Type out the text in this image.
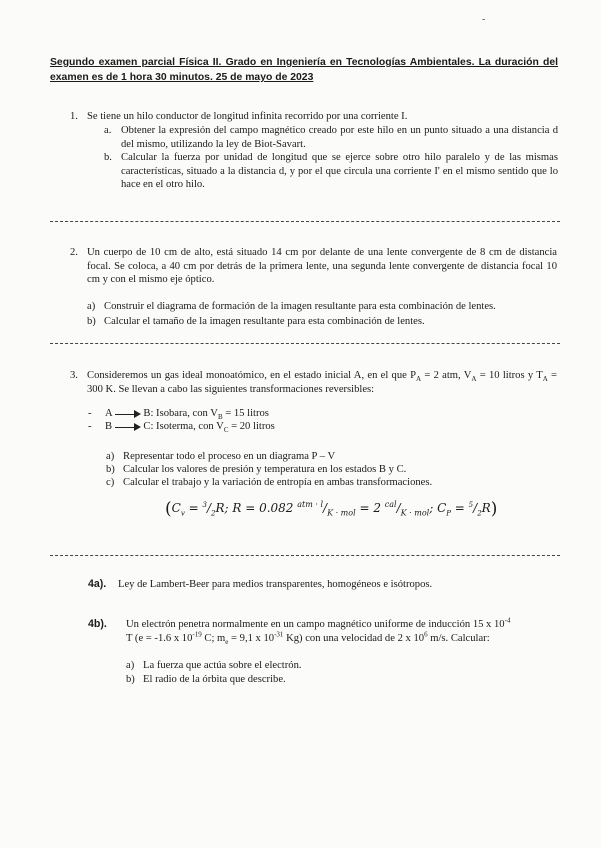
-
Segundo examen parcial Física II. Grado en Ingeniería en Tecnologías Ambientales. La duración del examen es de 1 hora 30 minutos. 25 de mayo de 2023
1. Se tiene un hilo conductor de longitud infinita recorrido por una corriente I.
a. Obtener la expresión del campo magnético creado por este hilo en un punto situado a una distancia d del mismo, utilizando la ley de Biot-Savart.
b. Calcular la fuerza por unidad de longitud que se ejerce sobre otro hilo paralelo y de las mismas características, situado a la distancia d, y por el que circula una corriente I' en el mismo sentido que lo hace en el otro hilo.
2. Un cuerpo de 10 cm de alto, está situado 14 cm por delante de una lente convergente de 8 cm de distancia focal. Se coloca, a 40 cm por detrás de la primera lente, una segunda lente convergente de distancia focal 10 cm y con el mismo eje óptico.
a) Construir el diagrama de formación de la imagen resultante para esta combinación de lentes.
b) Calcular el tamaño de la imagen resultante para esta combinación de lentes.
3. Consideremos un gas ideal monoatómico, en el estado inicial A, en el que $P_A = 2$ atm, $V_A = 10$ litros y $T_A = 300$ K. Se llevan a cabo las siguientes transformaciones reversibles:
- A	B: Isobara, con $V_B = 15$ litros
- B	C: Isoterma, con $V_C = 20$ litros
a) Representar todo el proceso en un diagrama P – V
b) Calcular los valores de presión y temperatura en los estados B y C.
c) Calcular el trabajo y la variación de entropía en ambas transformaciones.
($C_v = ^3/_2R$; R = 0.082 $^{atm \cdot l}/_{K \cdot mol} = 2$ $^{cal}/_{K \cdot mol}$; $C_P = ^5/_2R$)
4a). Ley de Lambert-Beer para medios transparentes, homogéneos e isótropos.
4b). Un electrón penetra normalmente en un campo magnético uniforme de inducción 15 x $10^{-4}$
T (e = -1.6 x $10^{-19}$ C; $m_e = 9,1$ x $10^{-31}$ Kg) con una velocidad de 2 x $10^6$ m/s. Calcular:
a) La fuerza que actúa sobre el electrón.
b) El radio de la órbita que describe.
